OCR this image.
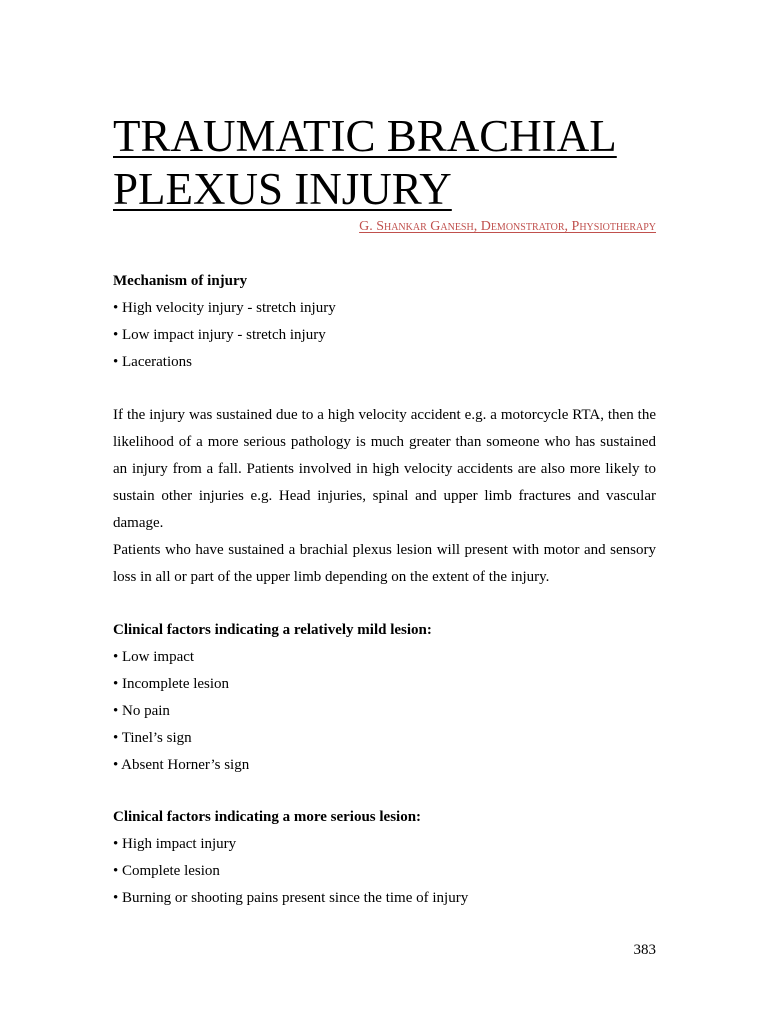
TRAUMATIC BRACHIAL
PLEXUS INJURY
G. Shankar Ganesh, Demonstrator, Physiotherapy

Mechanism of injury

• High velocity injury - stretch injury

• Low impact injury - stretch injury

• Lacerations

If the injury was sustained due to a high velocity accident e.g. a motorcycle RTA, then the likelihood of a more serious pathology is much greater than someone who has sustained an injury from a fall. Patients involved in high velocity accidents are also more likely to sustain other injuries e.g. Head injuries, spinal and upper limb fractures and vascular damage.

Patients who have sustained a brachial plexus lesion will present with motor and sensory loss in all or part of the upper limb depending on the extent of the injury.

Clinical factors indicating a relatively mild lesion:

• Low impact

• Incomplete lesion

• No pain

• Tinel’s sign

• Absent Horner’s sign

Clinical factors indicating a more serious lesion:

• High impact injury

• Complete lesion

• Burning or shooting pains present since the time of injury

383
